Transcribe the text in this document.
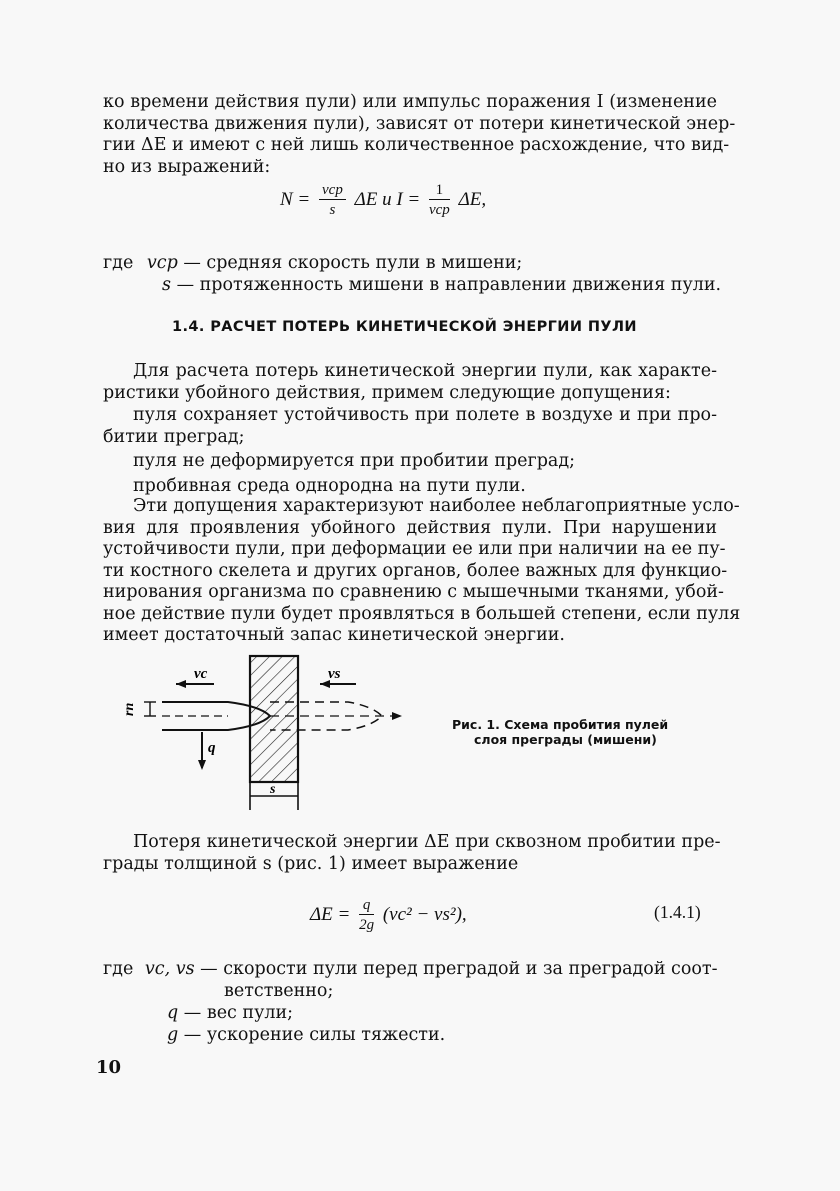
ко времени действия пули) или импульс поражения I (изменение
количества движения пули), зависят от потери кинетической энер-
гии ΔE и имеют с ней лишь количественное расхождение, что вид-
но из выражений:
$N = \frac{\text{vср}}{s}$ ΔE и $I = \frac{1}{\text{vср}} \Delta E$,
где vср — средняя скорость пули в мишени;
s — протяженность мишени в направлении движения пули.
1.4. РАСЧЕТ ПОТЕРЬ КИНЕТИЧЕСКОЙ ЭНЕРГИИ ПУЛИ
Для расчета потерь кинетической энергии пули, как характе-
ристики убойного действия, примем следующие допущения:
пуля сохраняет устойчивость при полете в воздухе и при про-
битии преград;
пуля не деформируется при пробитии преград;
пробивная среда однородна на пути пули.
Эти допущения характеризуют наиболее неблагоприятные усло-
вия для проявления убойного действия пули. При нарушении
устойчивости пули, при деформации ее или при наличии на ее пу-
ти костного скелета и других органов, более важных для функцио-
нирования организма по сравнению с мышечными тканями, убой-
ное действие пули будет проявляться в большей степени, если пуля
имеет достаточный запас кинетической энергии.
rп
vc	vs
q
s
Рис. 1. Схема пробития пулей
слоя преграды (мишени)
Потеря кинетической энергии ΔE при сквозном пробитии пре-
грады толщиной s (рис. 1) имеет выражение
$\Delta E = \frac{q}{2g} (vc^2 - vs^2)$,	(1.4.1)
где vc, vs — скорости пули перед преградой и за преградой соот-
ветственно;
q — вес пули;
g — ускорение силы тяжести.
10
